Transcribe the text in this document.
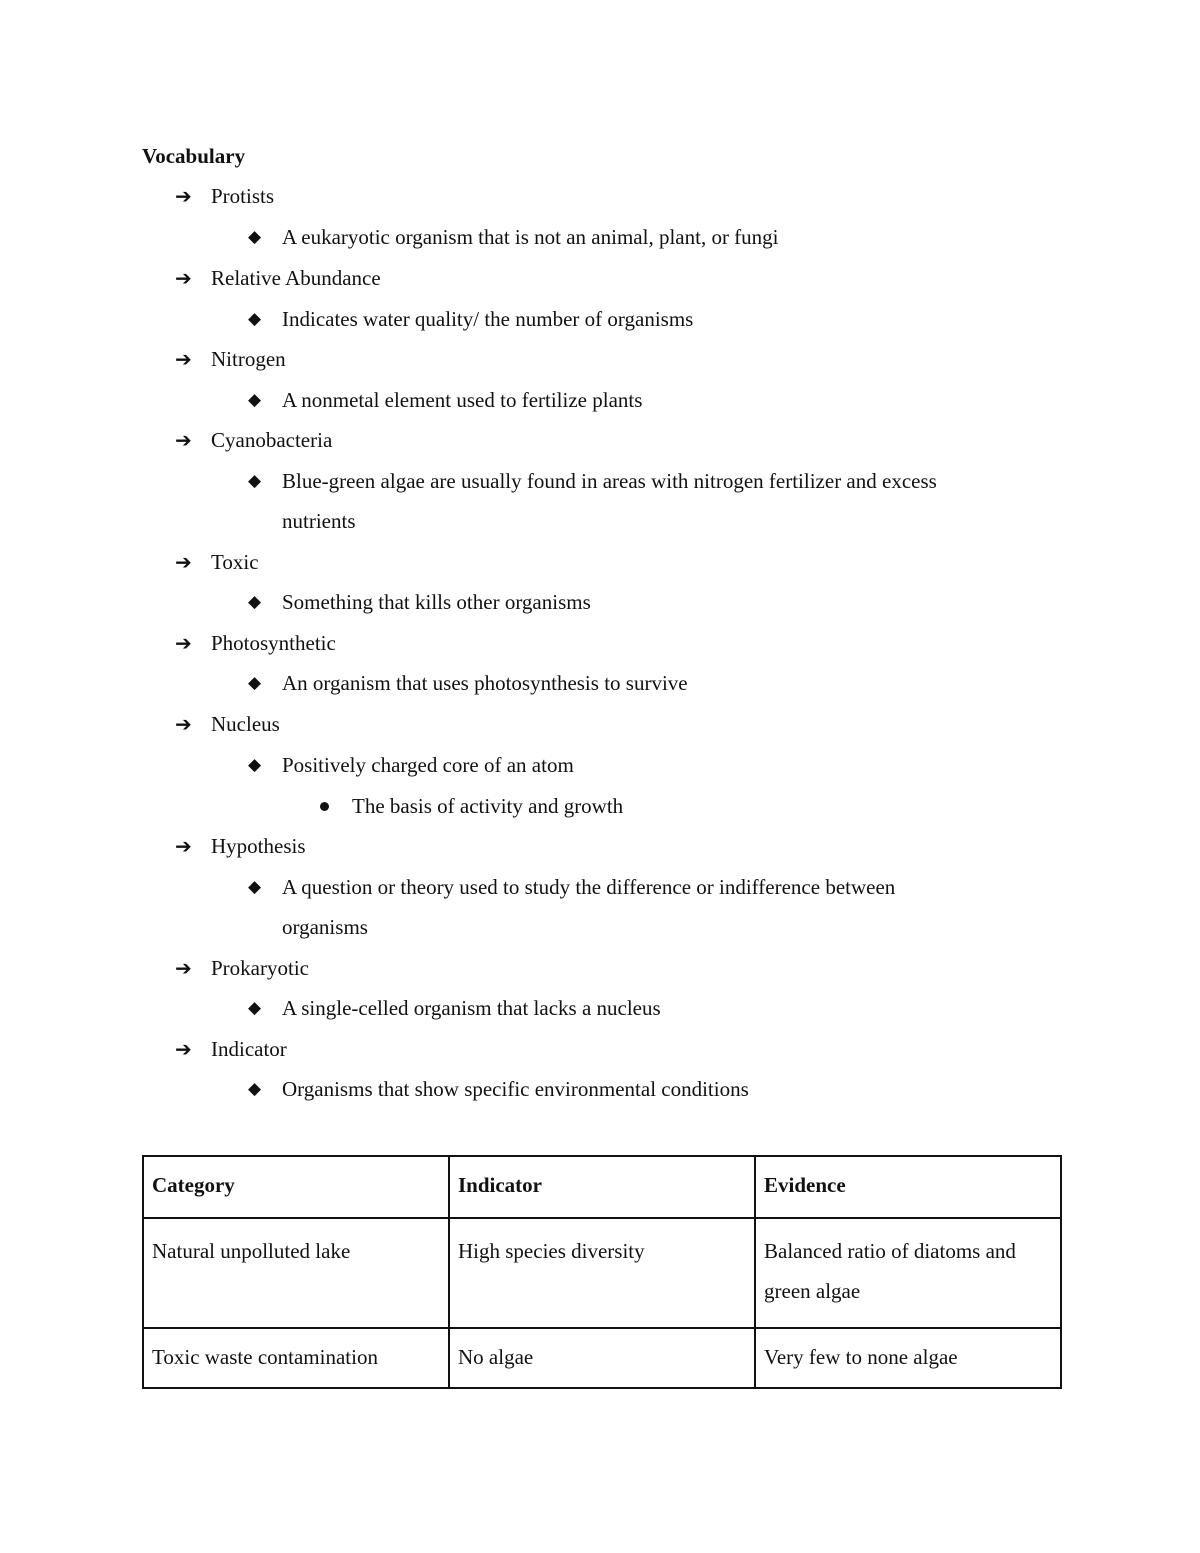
Vocabulary
➔ Protists
◆ A eukaryotic organism that is not an animal, plant, or fungi
➔ Relative Abundance
◆ Indicates water quality/ the number of organisms
➔ Nitrogen
◆ A nonmetal element used to fertilize plants
➔ Cyanobacteria
◆ Blue-green algae are usually found in areas with nitrogen fertilizer and excess
nutrients
➔ Toxic
◆ Something that kills other organisms
➔ Photosynthetic
◆ An organism that uses photosynthesis to survive
➔ Nucleus
◆ Positively charged core of an atom
The basis of activity and growth
➔ Hypothesis
◆ A question or theory used to study the difference or indifference between
organisms
➔ Prokaryotic
◆ A single-celled organism that lacks a nucleus
➔ Indicator
◆ Organisms that show specific environmental conditions
Category	Indicator	Evidence
Natural unpolluted lake	High species diversity	Balanced ratio of diatoms and green algae
Toxic waste contamination	No algae	Very few to none algae
